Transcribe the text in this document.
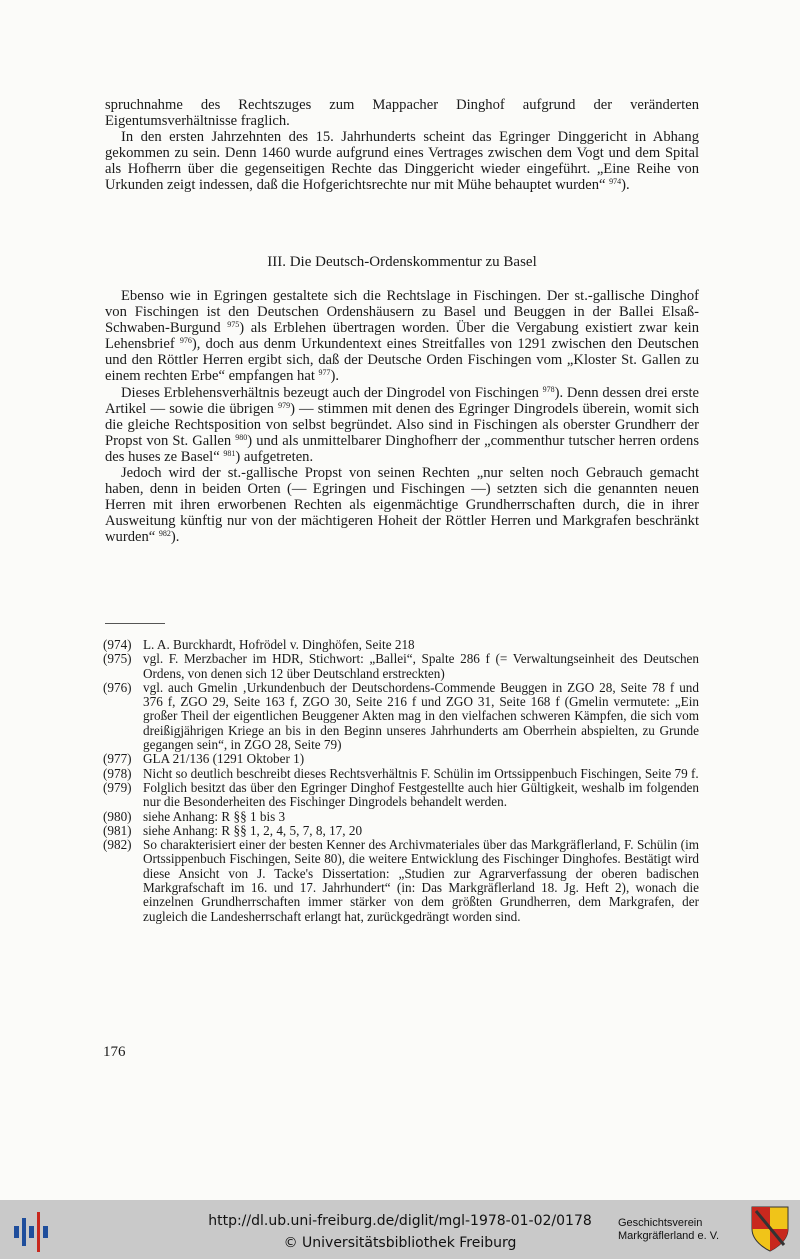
spruchnahme des Rechtszuges zum Mappacher Dinghof aufgrund der veränderten Eigentumsverhältnisse fraglich.

In den ersten Jahrzehnten des 15. Jahrhunderts scheint das Egringer Dinggericht in Abhang gekommen zu sein. Denn 1460 wurde aufgrund eines Vertrages zwischen dem Vogt und dem Spital als Hofherrn über die gegenseitigen Rechte das Dinggericht wieder eingeführt. „Eine Reihe von Urkunden zeigt indessen, daß die Hofgerichtsrechte nur mit Mühe behauptet wurden“ $^{974}$).

III. Die Deutsch-Ordenskommentur zu Basel

Ebenso wie in Egringen gestaltete sich die Rechtslage in Fischingen. Der st.-gallische Dinghof von Fischingen ist den Deutschen Ordenshäusern zu Basel und Beuggen in der Ballei Elsaß-Schwaben-Burgund $^{975}$) als Erblehen übertragen worden. Über die Vergabung existiert zwar kein Lehensbrief $^{976}$), doch aus denm Urkundentext eines Streitfalles von 1291 zwischen den Deutschen und den Röttler Herren ergibt sich, daß der Deutsche Orden Fischingen vom „Kloster St. Gallen zu einem rechten Erbe“ empfangen hat $^{977}$).

Dieses Erblehensverhältnis bezeugt auch der Dingrodel von Fischingen $^{978}$). Denn dessen drei erste Artikel — sowie die übrigen $^{979}$) — stimmen mit denen des Egringer Dingrodels überein, womit sich die gleiche Rechtsposition von selbst begründet. Also sind in Fischingen als oberster Grundherr der Propst von St. Gallen $^{980}$) und als unmittelbarer Dinghofherr der „commenthur tutscher herren ordens des huses ze Basel“ $^{981}$) aufgetreten.

Jedoch wird der st.-gallische Propst von seinen Rechten „nur selten noch Gebrauch gemacht haben, denn in beiden Orten (— Egringen und Fischingen —) setzten sich die genannten neuen Herren mit ihren erworbenen Rechten als eigenmächtige Grundherrschaften durch, die in ihrer Ausweitung künftig nur von der mächtigeren Hoheit der Röttler Herren und Markgrafen beschränkt wurden“ $^{982}$).

(974) L. A. Burckhardt, Hofrödel v. Dinghöfen, Seite 218
(975) vgl. F. Merzbacher im HDR, Stichwort: „Ballei“, Spalte 286 f (= Verwaltungseinheit des Deutschen Ordens, von denen sich 12 über Deutschland erstreckten)
(976) vgl. auch Gmelin ‚Urkundenbuch der Deutschordens-Commende Beuggen in ZGO 28, Seite 78 f und 376 f, ZGO 29, Seite 163 f, ZGO 30, Seite 216 f und ZGO 31, Seite 168 f (Gmelin vermutete: „Ein großer Theil der eigentlichen Beuggener Akten mag in den vielfachen schweren Kämpfen, die sich vom dreißigjährigen Kriege an bis in den Beginn unseres Jahrhunderts am Oberrhein abspielten, zu Grunde gegangen sein“, in ZGO 28, Seite 79)
(977) GLA 21/136 (1291 Oktober 1)
(978) Nicht so deutlich beschreibt dieses Rechtsverhältnis F. Schülin im Ortssippenbuch Fischingen, Seite 79 f.
(979) Folglich besitzt das über den Egringer Dinghof Festgestellte auch hier Gültigkeit, weshalb im folgenden nur die Besonderheiten des Fischinger Dingrodels behandelt werden.
(980) siehe Anhang: R §§ 1 bis 3
(981) siehe Anhang: R §§ 1, 2, 4, 5, 7, 8, 17, 20
(982) So charakterisiert einer der besten Kenner des Archivmateriales über das Markgräflerland, F. Schülin (im Ortssippenbuch Fischingen, Seite 80), die weitere Entwicklung des Fischinger Dinghofes. Bestätigt wird diese Ansicht von J. Tacke's Dissertation: „Studien zur Agrarverfassung der oberen badischen Markgrafschaft im 16. und 17. Jahrhundert“ (in: Das Markgräflerland 18. Jg. Heft 2), wonach die einzelnen Grundherrschaften immer stärker von dem größten Grundherren, dem Markgrafen, der zugleich die Landesherrschaft erlangt hat, zurückgedrängt worden sind.
176
http://dl.ub.uni-freiburg.de/diglit/mgl-1978-01-02/0178
© Universitätsbibliothek Freiburg
Geschichtsverein
Markgräflerland e. V.
